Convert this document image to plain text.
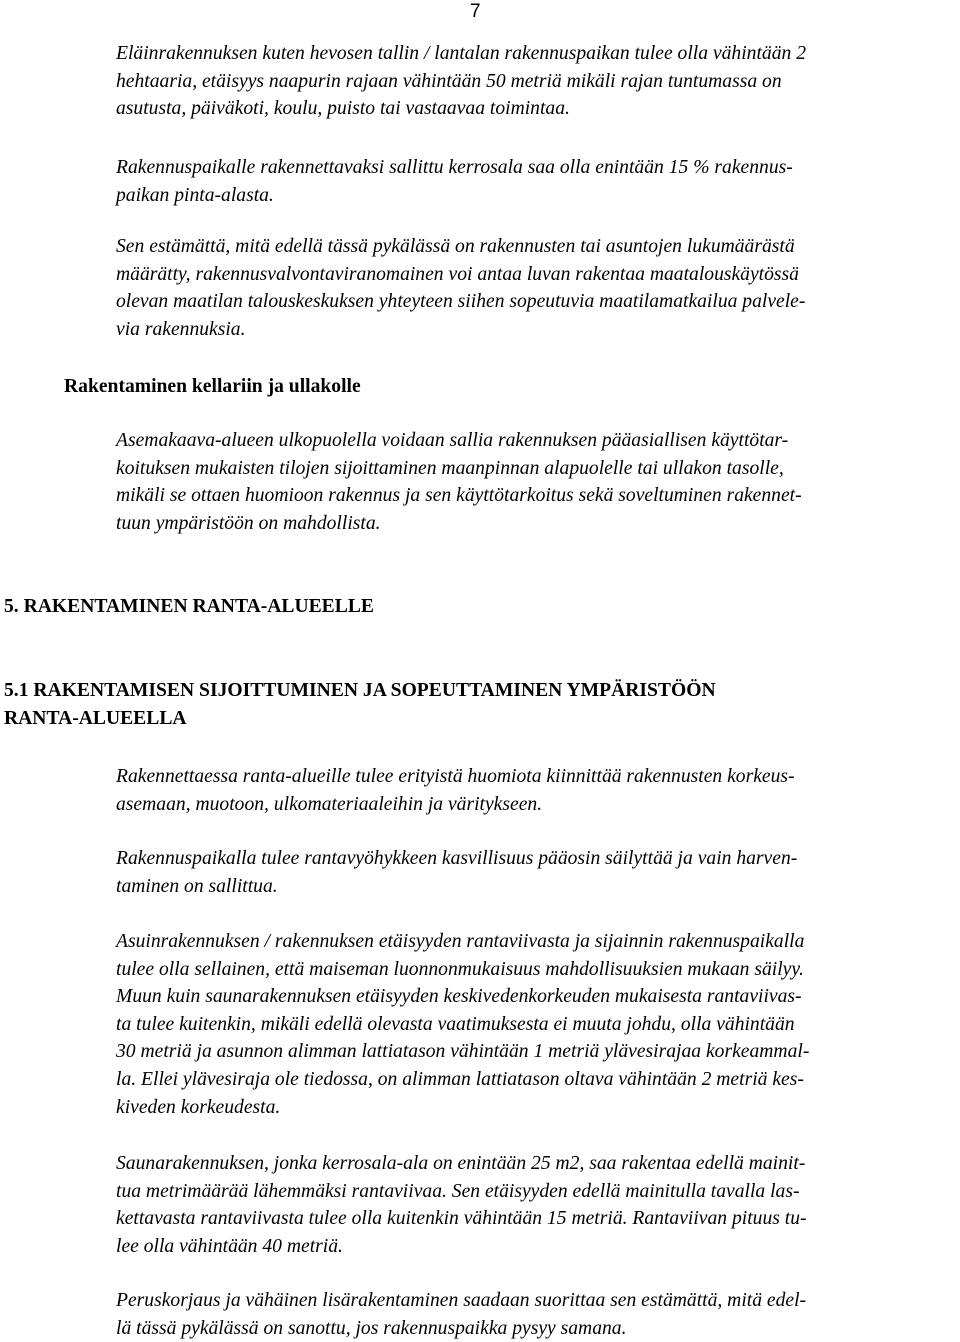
7

Eläinrakennuksen kuten hevosen tallin / lantalan rakennuspaikan tulee olla vähintään 2
hehtaaria, etäisyys naapurin rajaan vähintään 50 metriä mikäli rajan tuntumassa on
asutusta, päiväkoti, koulu, puisto tai vastaavaa toimintaa.

Rakennuspaikalle rakennettavaksi sallittu kerrosala saa olla enintään 15 % rakennus-
paikan pinta-alasta.

Sen estämättä, mitä edellä tässä pykälässä on rakennusten tai asuntojen lukumäärästä
määrätty, rakennusvalvontaviranomainen voi antaa luvan rakentaa maatalouskäytössä
olevan maatilan talouskeskuksen yhteyteen siihen sopeutuvia maatilamatkailua palvele-
via rakennuksia.

Rakentaminen kellariin ja ullakolle

Asemakaava-alueen ulkopuolella voidaan sallia rakennuksen pääasiallisen käyttötar-
koituksen mukaisten tilojen sijoittaminen maanpinnan alapuolelle tai ullakon tasolle,
mikäli se ottaen huomioon rakennus ja sen käyttötarkoitus sekä soveltuminen rakennet-
tuun ympäristöön on mahdollista.

5. RAKENTAMINEN RANTA-ALUEELLE
5.1 RAKENTAMISEN SIJOITTUMINEN JA SOPEUTTAMINEN YMPÄRISTÖÖN
RANTA-ALUEELLA

Rakennettaessa ranta-alueille tulee erityistä huomiota kiinnittää rakennusten korkeus-
asemaan, muotoon, ulkomateriaaleihin ja väritykseen.

Rakennuspaikalla tulee rantavyöhykkeen kasvillisuus pääosin säilyttää ja vain harven-
taminen on sallittua.

Asuinrakennuksen / rakennuksen etäisyyden rantaviivasta ja sijainnin rakennuspaikalla
tulee olla sellainen, että maiseman luonnonmukaisuus mahdollisuuksien mukaan säilyy.
Muun kuin saunarakennuksen etäisyyden keskivedenkorkeuden mukaisesta rantaviivas-
ta tulee kuitenkin, mikäli edellä olevasta vaatimuksesta ei muuta johdu, olla vähintään
30 metriä ja asunnon alimman lattiatason vähintään 1 metriä ylävesirajaa korkeammal-
la. Ellei ylävesiraja ole tiedossa, on alimman lattiatason oltava vähintään 2 metriä kes-
kiveden korkeudesta.

Saunarakennuksen, jonka kerrosala-ala on enintään 25 m2, saa rakentaa edellä mainit-
tua metrimäärää lähemmäksi rantaviivaa. Sen etäisyyden edellä mainitulla tavalla las-
kettavasta rantaviivasta tulee olla kuitenkin vähintään 15 metriä. Rantaviivan pituus tu-
lee olla vähintään 40 metriä.

Peruskorjaus ja vähäinen lisärakentaminen saadaan suorittaa sen estämättä, mitä edel-
lä tässä pykälässä on sanottu, jos rakennuspaikka pysyy samana.
